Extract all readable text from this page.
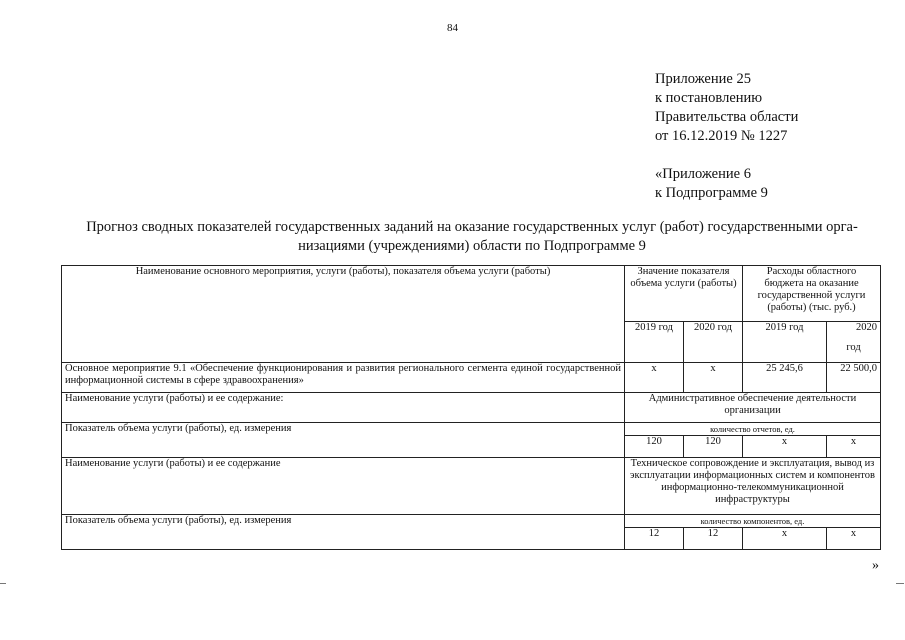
84
Приложение 25
к постановлению
Правительства области
от 16.12.2019 № 1227
«Приложение 6
к Подпрограмме 9
Прогноз сводных показателей государственных заданий на оказание государственных услуг (работ) государственными орга-
низациями (учреждениями) области по Подпрограмме 9
Наименование основного мероприятия, услуги (работы), показателя объема услуги (работы)	Значение показателя объема услуги (работы)		Расходы областного бюджета на оказание государственной услуги (работы) (тыс. руб.)	
	2019 год	2020 год	2019 год	2020
год

Основное мероприятие 9.1 «Обеспечение функционирования и развития регионального сегмента единой государственной информационной системы в сфере здравоохранения»	х	х	25 245,6	22 500,0
Наименование услуги (работы) и ее содержание:	Административное обеспечение деятельности организации			
Показатель объема услуги (работы), ед. измерения	количество отчетов, ед.			
	120	120	х	х
Наименование услуги (работы) и ее содержание	Техническое сопровождение и эксплуатация, вывод из эксплуатации информационных систем и компонентов информационно-телекоммуникационной инфраструктуры			
Показатель объема услуги (работы), ед. измерения	количество компонентов, ед.			
	12	12	х	х
»
